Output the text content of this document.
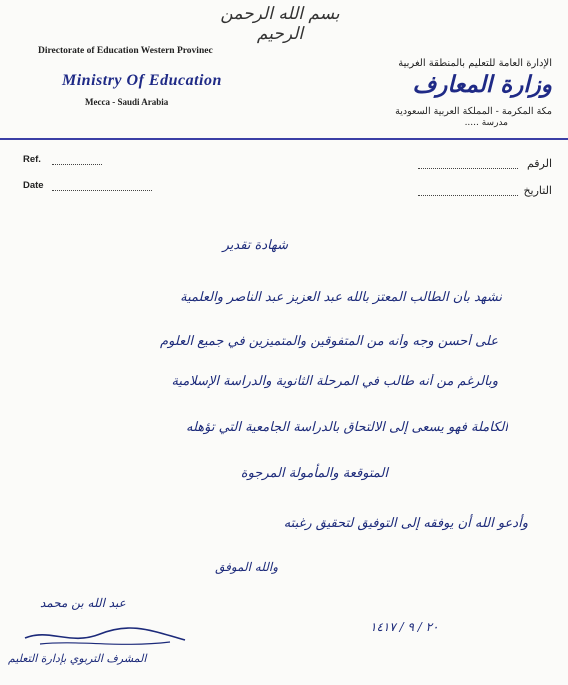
بسم الله الرحمن الرحيم
Directorate of Education Western Provinec
Ministry Of Education
Mecca - Saudi Arabia
الإدارة العامة للتعليم بالمنطقة الغربية
وزارة المعارف
مكة المكرمة - المملكة العربية السعودية
مدرسة .....
Ref.
Date
الرقم
التاريخ
شهادة تقدير
نشهد بأن الطالب المعتز بالله عبد العزيز عبد الناصر والعلمية
على أحسن وجه وأنه من المتفوقين والمتميزين في جميع العلوم
وبالرغم من أنه طالب في المرحلة الثانوية والدراسة الإسلامية
الكاملة فهو يسعى إلى الالتحاق بالدراسة الجامعية التي تؤهله
المتوقعة والمأمولة المرجوة
وأدعو الله أن يوفقه إلى التوفيق لتحقيق رغبته
والله الموفق
عبد الله بن محمد
٢٠ / ٩ / ١٤١٧
المشرف التربوي بإدارة التعليم
